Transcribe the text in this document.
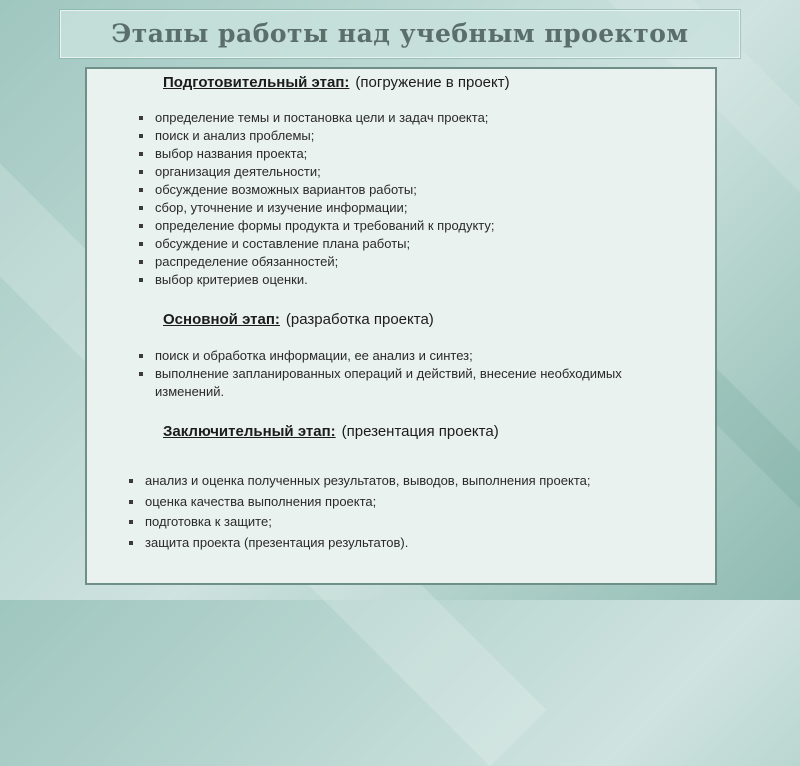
Этапы работы над учебным проектом
Подготовительный этап: (погружение в проект)
определение темы и постановка цели и задач проекта;
поиск и анализ проблемы;
выбор названия проекта;
организация деятельности;
обсуждение возможных вариантов работы;
сбор, уточнение и изучение информации;
определение формы продукта и требований к продукту;
обсуждение и составление плана работы;
распределение обязанностей;
выбор критериев оценки.
Основной этап: (разработка проекта)
поиск и обработка информации, ее анализ и синтез;
выполнение запланированных операций и действий, внесение необходимых изменений.
Заключительный этап: (презентация проекта)
анализ и оценка полученных результатов, выводов, выполнения проекта;
оценка качества выполнения проекта;
подготовка к защите;
защита проекта (презентация результатов).
